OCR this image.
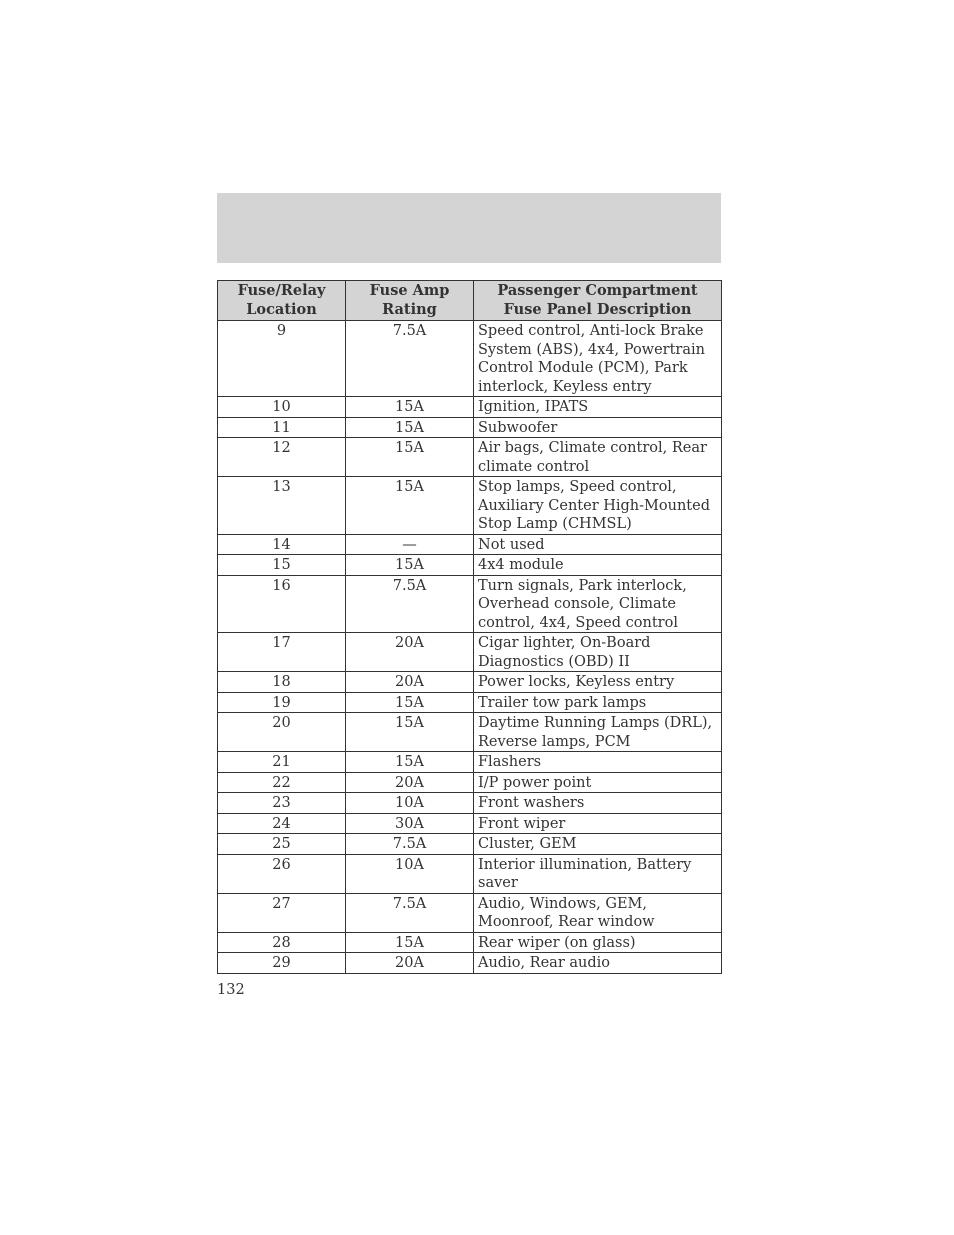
Fuse/Relay Location	Fuse Amp Rating	Passenger Compartment Fuse Panel Description
9	7.5A	Speed control, Anti-lock Brake System (ABS), 4x4, Powertrain Control Module (PCM), Park interlock, Keyless entry
10	15A	Ignition, IPATS
11	15A	Subwoofer
12	15A	Air bags, Climate control, Rear climate control
13	15A	Stop lamps, Speed control, Auxiliary Center High-Mounted Stop Lamp (CHMSL)
14	—	Not used
15	15A	4x4 module
16	7.5A	Turn signals, Park interlock, Overhead console, Climate control, 4x4, Speed control
17	20A	Cigar lighter, On-Board Diagnostics (OBD) II
18	20A	Power locks, Keyless entry
19	15A	Trailer tow park lamps
20	15A	Daytime Running Lamps (DRL), Reverse lamps, PCM
21	15A	Flashers
22	20A	I/P power point
23	10A	Front washers
24	30A	Front wiper
25	7.5A	Cluster, GEM
26	10A	Interior illumination, Battery saver
27	7.5A	Audio, Windows, GEM, Moonroof, Rear window
28	15A	Rear wiper (on glass)
29	20A	Audio, Rear audio
132
